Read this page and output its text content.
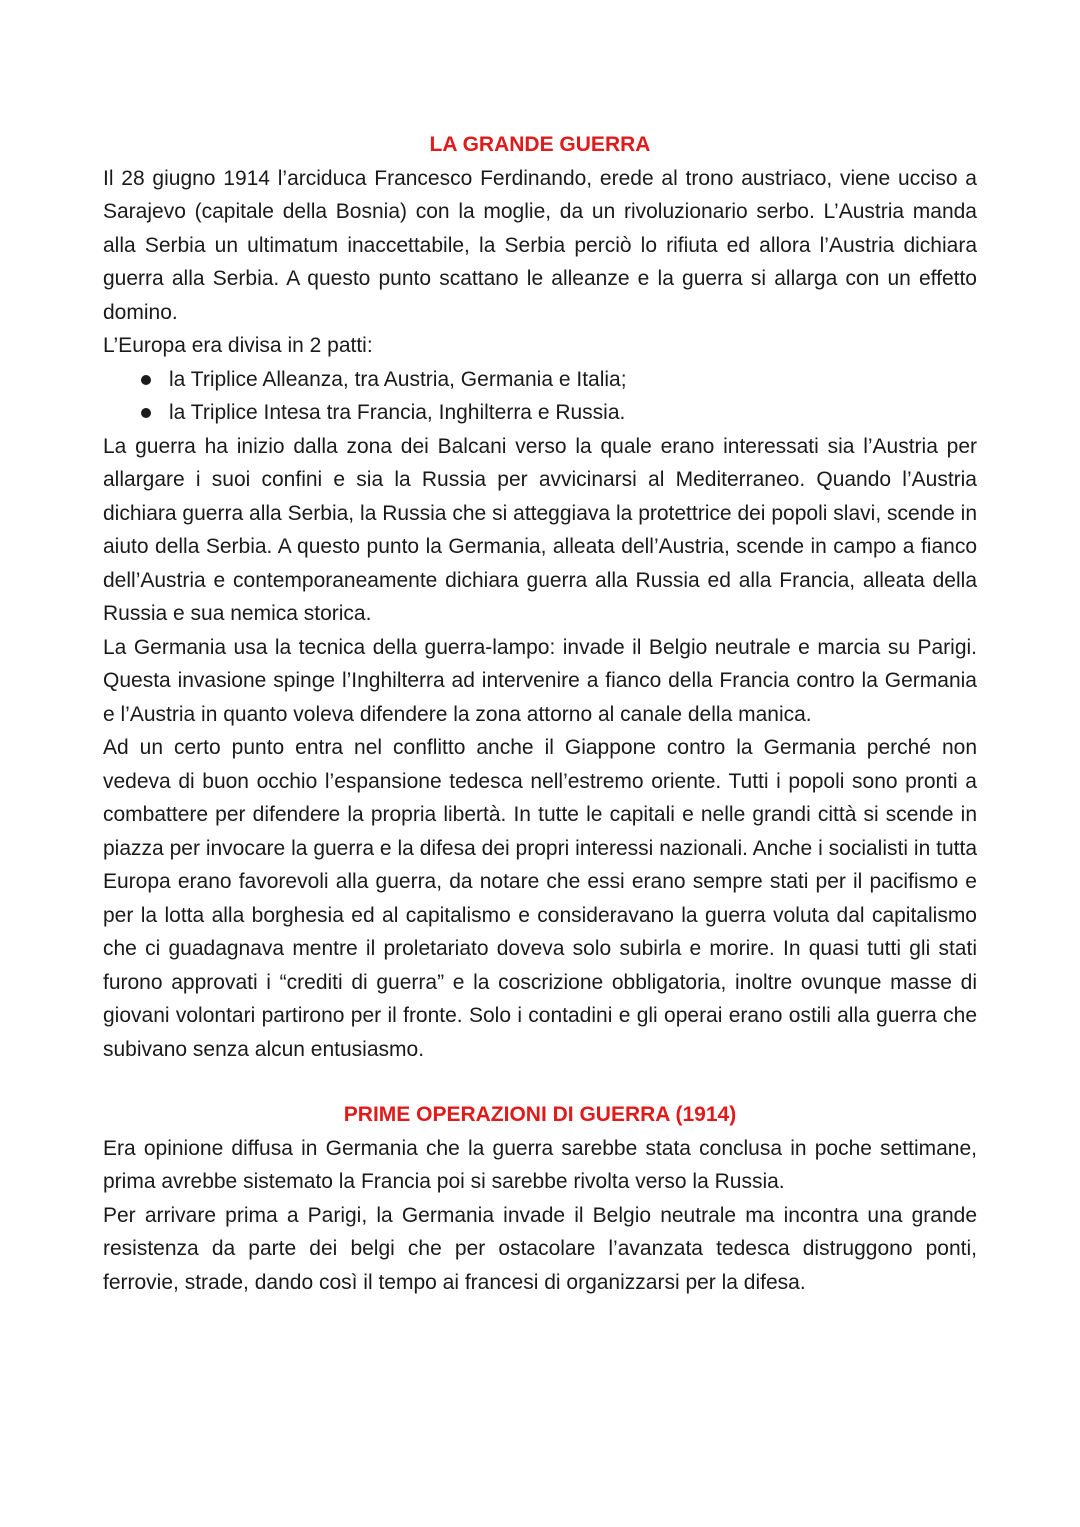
LA GRANDE GUERRA

Il 28 giugno 1914 l’arciduca Francesco Ferdinando, erede al trono austriaco, viene ucciso a Sarajevo (capitale della Bosnia) con la moglie, da un rivoluzionario serbo. L’Austria manda alla Serbia un ultimatum inaccettabile, la Serbia perciò lo rifiuta ed allora l’Austria dichiara guerra alla Serbia. A questo punto scattano le alleanze e la guerra si allarga con un effetto domino.

L’Europa era divisa in 2 patti:

la Triplice Alleanza, tra Austria, Germania e Italia;
la Triplice Intesa tra Francia, Inghilterra e Russia.

La guerra ha inizio dalla zona dei Balcani verso la quale erano interessati sia l’Austria per allargare i suoi confini e sia la Russia per avvicinarsi al Mediterraneo. Quando l’Austria dichiara guerra alla Serbia, la Russia che si atteggiava la protettrice dei popoli slavi, scende in aiuto della Serbia. A questo punto la Germania, alleata dell’Austria, scende in campo a fianco dell’Austria e contemporaneamente dichiara guerra alla Russia ed alla Francia, alleata della Russia e sua nemica storica.

La Germania usa la tecnica della guerra-lampo: invade il Belgio neutrale e marcia su Parigi. Questa invasione spinge l’Inghilterra ad intervenire a fianco della Francia contro la Germania e l’Austria in quanto voleva difendere la zona attorno al canale della manica.

Ad un certo punto entra nel conflitto anche il Giappone contro la Germania perché non vedeva di buon occhio l’espansione tedesca nell’estremo oriente. Tutti i popoli sono pronti a combattere per difendere la propria libertà. In tutte le capitali e nelle grandi città si scende in piazza per invocare la guerra e la difesa dei propri interessi nazionali. Anche i socialisti in tutta Europa erano favorevoli alla guerra, da notare che essi erano sempre stati per il pacifismo e per la lotta alla borghesia ed al capitalismo e consideravano la guerra voluta dal capitalismo che ci guadagnava mentre il proletariato doveva solo subirla e morire. In quasi tutti gli stati furono approvati i “crediti di guerra” e la coscrizione obbligatoria, inoltre ovunque masse di giovani volontari partirono per il fronte. Solo i contadini e gli operai erano ostili alla guerra che subivano senza alcun entusiasmo.

PRIME OPERAZIONI DI GUERRA (1914)

Era opinione diffusa in Germania che la guerra sarebbe stata conclusa in poche settimane, prima avrebbe sistemato la Francia poi si sarebbe rivolta verso la Russia.

Per arrivare prima a Parigi, la Germania invade il Belgio neutrale ma incontra una grande resistenza da parte dei belgi che per ostacolare l’avanzata tedesca distruggono ponti, ferrovie, strade, dando così il tempo ai francesi di organizzarsi per la difesa.
